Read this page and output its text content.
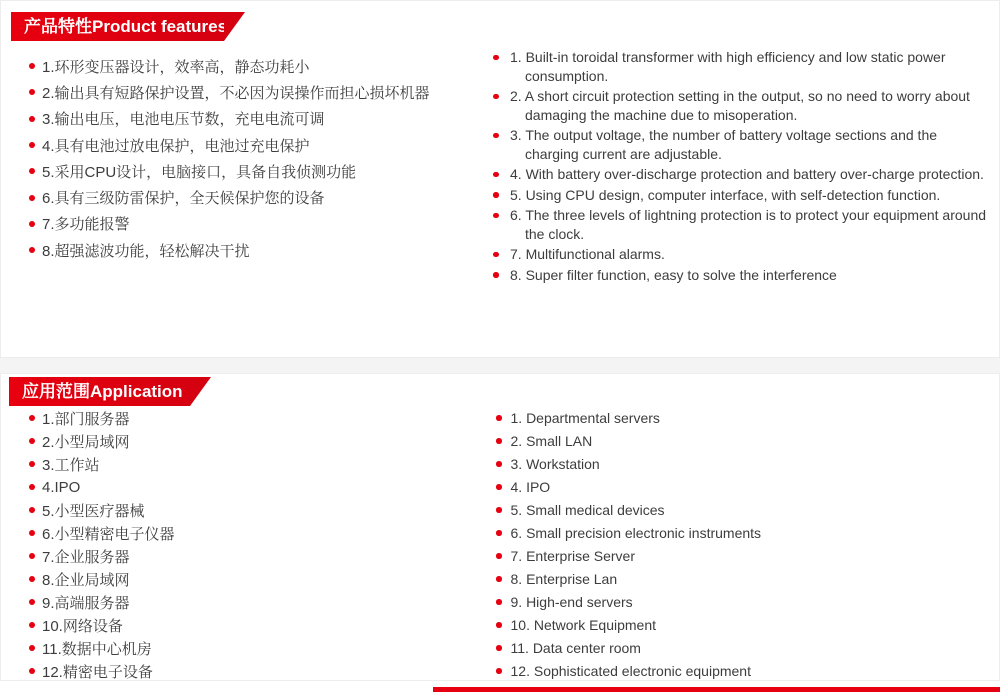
产品特性Product features
1.环形变压器设计，效率高，静态功耗小
2.输出具有短路保护设置，不必因为误操作而担心损坏机器
3.输出电压，电池电压节数，充电电流可调
4.具有电池过放电保护，电池过充电保护
5.采用CPU设计，电脑接口，具备自我侦测功能
6.具有三级防雷保护，全天候保护您的设备
7.多功能报警
8.超强滤波功能，轻松解决干扰
1. Built-in toroidal transformer with high efficiency and low static power consumption.
2. A short circuit protection setting in the output, so no need to worry about damaging the machine due to misoperation.
3. The output voltage, the number of battery voltage sections and the charging current are adjustable.
4. With battery over-discharge protection and battery over-charge protection.
5. Using CPU design, computer interface, with self-detection function.
6. The three levels of lightning protection is to protect your equipment around the clock.
7. Multifunctional alarms.
8. Super filter function, easy to solve the interference
应用范围Application
1.部门服务器
2.小型局域网
3.工作站
4.IPO
5.小型医疗器械
6.小型精密电子仪器
7.企业服务器
8.企业局域网
9.高端服务器
10.网络设备
11.数据中心机房
12.精密电子设备
1. Departmental servers
2. Small LAN
3. Workstation
4. IPO
5. Small medical devices
6. Small precision electronic instruments
7. Enterprise Server
8. Enterprise Lan
9. High-end servers
10. Network Equipment
11. Data center room
12. Sophisticated electronic equipment
